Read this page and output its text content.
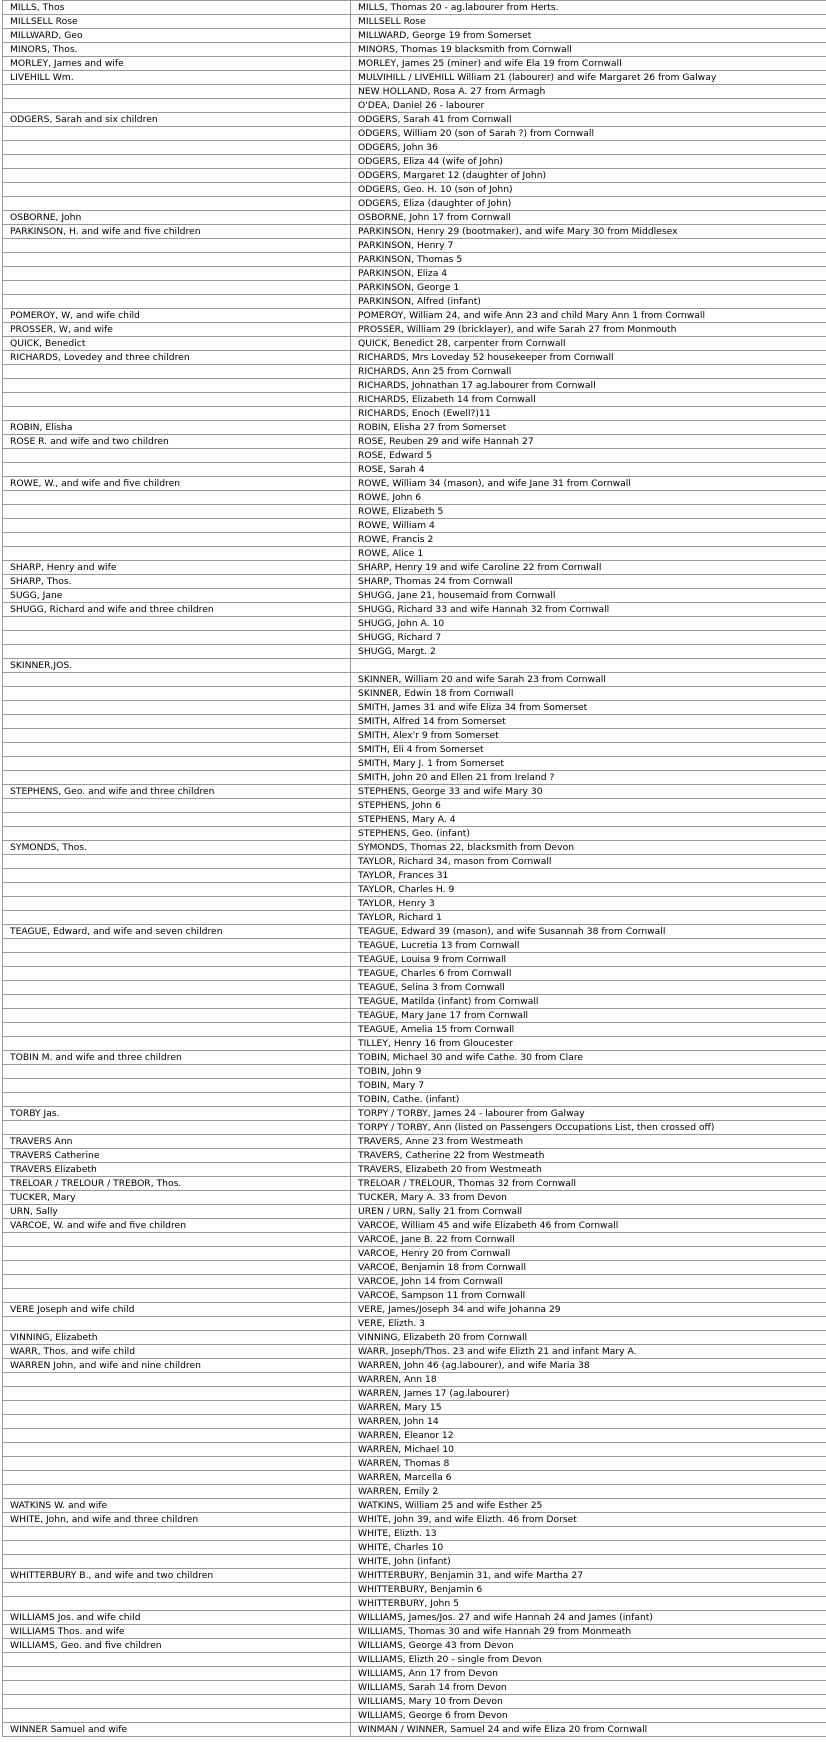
MILLS, Thos	MILLS, Thomas 20 - ag.labourer from Herts.
MILLSELL Rose	MILLSELL Rose
MILLWARD, Geo	MILLWARD, George 19 from Somerset
MINORS, Thos.	MINORS, Thomas 19 blacksmith from Cornwall
MORLEY, James and wife	MORLEY, James 25 (miner) and wife Ela 19 from Cornwall
LIVEHILL Wm.	MULVIHILL / LIVEHILL William 21 (labourer) and wife Margaret 26 from Galway
	NEW HOLLAND, Rosa A. 27 from Armagh
	O'DEA, Daniel 26 - labourer
ODGERS, Sarah and six children	ODGERS, Sarah 41 from Cornwall
	ODGERS, William 20 (son of Sarah ?) from Cornwall
	ODGERS, John 36
	ODGERS, Eliza 44 (wife of John)
	ODGERS, Margaret 12 (daughter of John)
	ODGERS, Geo. H. 10 (son of John)
	ODGERS, Eliza (daughter of John)
OSBORNE, John	OSBORNE, John 17 from Cornwall
PARKINSON, H. and wife and five children	PARKINSON, Henry 29 (bootmaker), and wife Mary 30 from Middlesex
	PARKINSON, Henry 7
	PARKINSON, Thomas 5
	PARKINSON, Eliza 4
	PARKINSON, George 1
	PARKINSON, Alfred (infant)
POMEROY, W, and wife child	POMEROY, William 24, and wife Ann 23 and child Mary Ann 1 from Cornwall
PROSSER, W, and wife	PROSSER, William 29 (bricklayer), and wife Sarah 27 from Monmouth
QUICK, Benedict	QUICK, Benedict 28, carpenter from Cornwall
RICHARDS, Lovedey and three children	RICHARDS, Mrs Loveday 52 housekeeper from Cornwall
	RICHARDS, Ann 25 from Cornwall
	RICHARDS, Johnathan 17 ag.labourer from Cornwall
	RICHARDS, Elizabeth 14 from Cornwall
	RICHARDS, Enoch (Ewell?)11
ROBIN, Elisha	ROBIN, Elisha 27 from Somerset
ROSE R. and wife and two children	ROSE, Reuben 29 and wife Hannah 27
	ROSE, Edward 5
	ROSE, Sarah 4
ROWE, W., and wife and five children	ROWE, William 34 (mason), and wife Jane 31 from Cornwall
	ROWE, John 6
	ROWE, Elizabeth 5
	ROWE, William 4
	ROWE, Francis 2
	ROWE, Alice 1
SHARP, Henry and wife	SHARP, Henry 19 and wife Caroline 22 from Cornwall
SHARP, Thos.	SHARP, Thomas 24 from Cornwall
SUGG, Jane	SHUGG, Jane 21, housemaid from Cornwall
SHUGG, Richard and wife and three children	SHUGG, Richard 33 and wife Hannah 32 from Cornwall
	SHUGG, John A. 10
	SHUGG, Richard 7
	SHUGG, Margt. 2
SKINNER,JOS.	
	SKINNER, William 20 and wife Sarah 23 from Cornwall
	SKINNER, Edwin 18 from Cornwall
	SMITH, James 31 and wife Eliza 34 from Somerset
	SMITH, Alfred 14 from Somerset
	SMITH, Alex'r 9 from Somerset
	SMITH, Eli 4 from Somerset
	SMITH, Mary J. 1 from Somerset
	SMITH, John 20 and Ellen 21 from Ireland ?
STEPHENS, Geo. and wife and three children	STEPHENS, George 33 and wife Mary 30
	STEPHENS, John 6
	STEPHENS, Mary A. 4
	STEPHENS, Geo. (infant)
SYMONDS, Thos.	SYMONDS, Thomas 22, blacksmith from Devon
	TAYLOR, Richard 34, mason from Cornwall
	TAYLOR, Frances 31
	TAYLOR, Charles H. 9
	TAYLOR, Henry 3
	TAYLOR, Richard 1
TEAGUE, Edward, and wife and seven children	TEAGUE, Edward 39 (mason), and wife Susannah 38 from Cornwall
	TEAGUE, Lucretia 13 from Cornwall
	TEAGUE, Louisa 9 from Cornwall
	TEAGUE, Charles 6 from Cornwall
	TEAGUE, Selina 3 from Cornwall
	TEAGUE, Matilda (infant) from Cornwall
	TEAGUE, Mary Jane 17 from Cornwall
	TEAGUE, Amelia 15 from Cornwall
	TILLEY, Henry 16 from Gloucester
TOBIN M. and wife and three children	TOBIN, Michael 30 and wife Cathe. 30 from Clare
	TOBIN, John 9
	TOBIN, Mary 7
	TOBIN, Cathe. (infant)
TORBY Jas.	TORPY / TORBY, James 24 - labourer from Galway
	TORPY / TORBY, Ann (listed on Passengers Occupations List, then crossed off)
TRAVERS Ann	TRAVERS, Anne 23 from Westmeath
TRAVERS Catherine	TRAVERS, Catherine 22 from Westmeath
TRAVERS Elizabeth	TRAVERS, Elizabeth 20 from Westmeath
TRELOAR / TRELOUR / TREBOR, Thos.	TRELOAR / TRELOUR, Thomas 32 from Cornwall
TUCKER, Mary	TUCKER, Mary A. 33 from Devon
URN, Sally	UREN / URN, Sally 21 from Cornwall
VARCOE, W. and wife and five children	VARCOE, William 45 and wife Elizabeth 46 from Cornwall
	VARCOE, Jane B. 22 from Cornwall
	VARCOE, Henry 20 from Cornwall
	VARCOE, Benjamin 18 from Cornwall
	VARCOE, John 14 from Cornwall
	VARCOE, Sampson 11 from Cornwall
VERE Joseph and wife child	VERE, James/Joseph 34 and wife Johanna 29
	VERE, Elizth. 3
VINNING, Elizabeth	VINNING, Elizabeth 20 from Cornwall
WARR, Thos. and wife child	WARR, Joseph/Thos. 23 and wife Elizth 21 and infant Mary A.
WARREN John, and wife and nine children	WARREN, John 46 (ag.labourer), and wife Maria 38
	WARREN, Ann 18
	WARREN, James 17 (ag.labourer)
	WARREN, Mary 15
	WARREN, John 14
	WARREN, Eleanor 12
	WARREN, Michael 10
	WARREN, Thomas 8
	WARREN, Marcella 6
	WARREN, Emily 2
WATKINS W. and wife	WATKINS, William 25 and wife Esther 25
WHITE, John, and wife and three children	WHITE, John 39, and wife Elizth. 46 from Dorset
	WHITE, Elizth. 13
	WHITE, Charles 10
	WHITE, John (infant)
WHITTERBURY B., and wife and two children	WHITTERBURY, Benjamin 31, and wife Martha 27
	WHITTERBURY, Benjamin 6
	WHITTERBURY, John 5
WILLIAMS Jos. and wife child	WILLIAMS, James/Jos. 27 and wife Hannah 24 and James (infant)
WILLIAMS Thos. and wife	WILLIAMS, Thomas 30 and wife Hannah 29 from Monmeath
WILLIAMS, Geo. and five children	WILLIAMS, George 43 from Devon
	WILLIAMS, Elizth 20 - single from Devon
	WILLIAMS, Ann 17 from Devon
	WILLIAMS, Sarah 14 from Devon
	WILLIAMS, Mary 10 from Devon
	WILLIAMS, George 6 from Devon
WINNER Samuel and wife	WINMAN / WINNER, Samuel 24 and wife Eliza 20 from Cornwall
